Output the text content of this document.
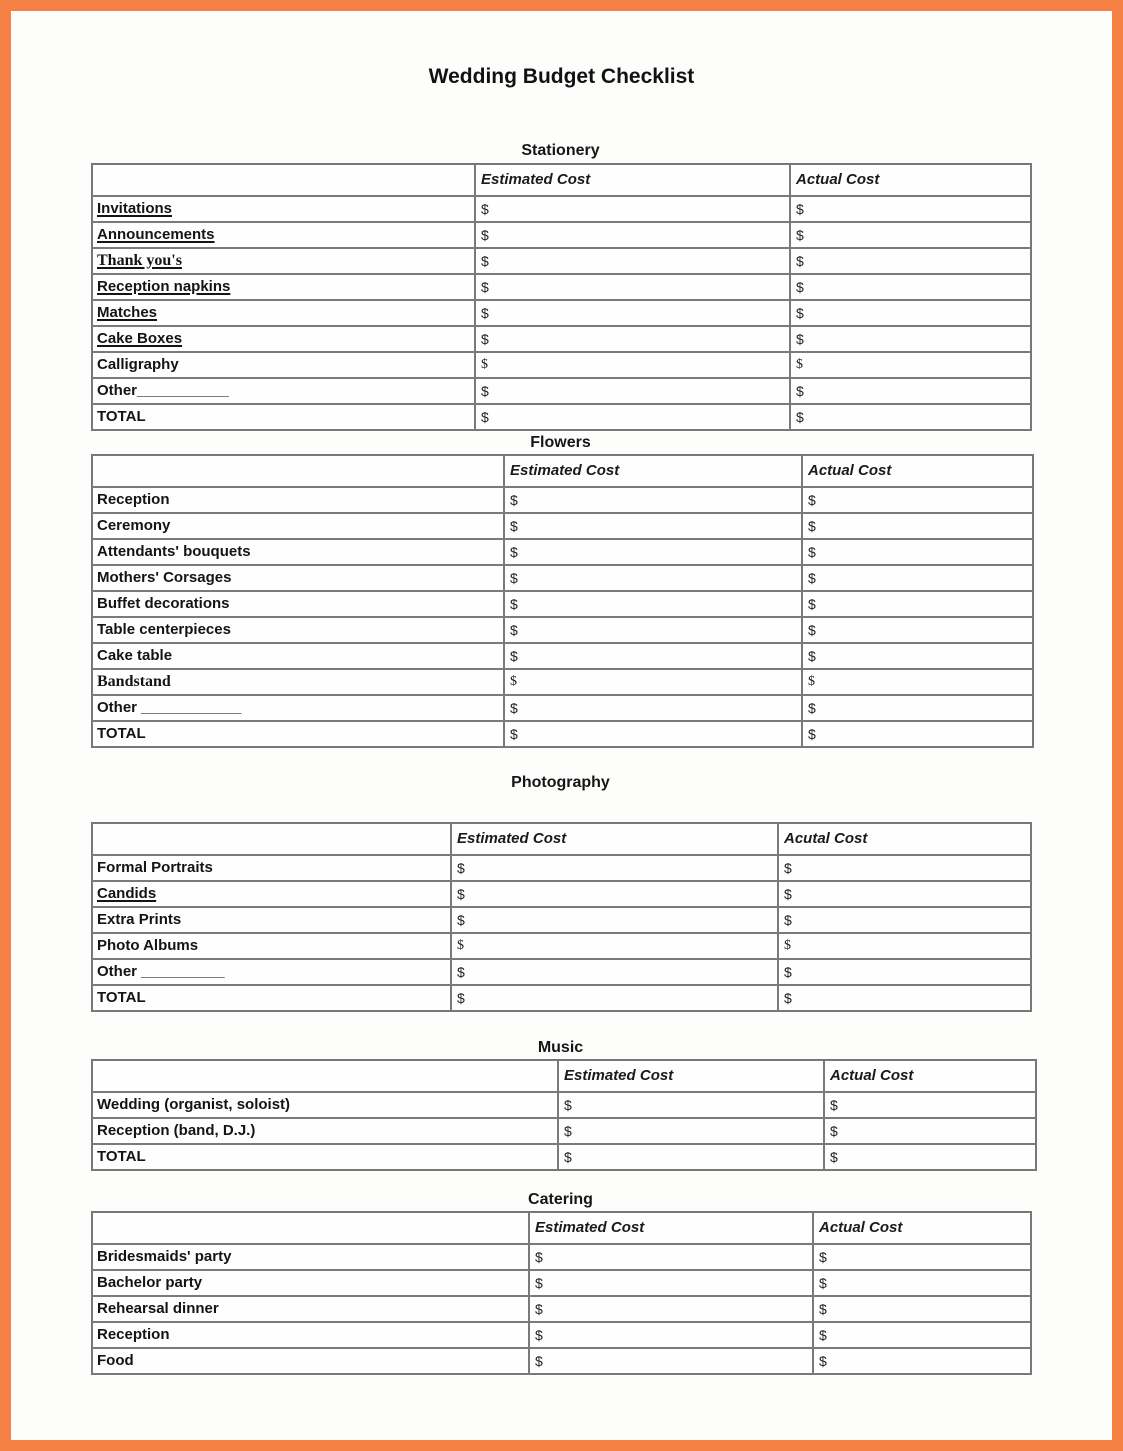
Wedding Budget Checklist
Stationery
	Estimated Cost	Actual Cost
Invitations	$	$
Announcements	$	$
Thank you's	$	$
Reception napkins	$	$
Matches	$	$
Cake Boxes	$	$
Calligraphy	$	$
Other___________	$	$
TOTAL	$	$
Flowers
	Estimated Cost	Actual Cost
Reception	$	$
Ceremony	$	$
Attendants' bouquets	$	$
Mothers' Corsages	$	$
Buffet decorations	$	$
Table centerpieces	$	$
Cake table	$	$
Bandstand	$	$
Other ____________	$	$
TOTAL	$	$
Photography
	Estimated Cost	Acutal Cost
Formal Portraits	$	$
Candids	$	$
Extra Prints	$	$
Photo Albums	$	$
Other __________	$	$
TOTAL	$	$
Music
	Estimated Cost	Actual Cost
Wedding (organist, soloist)	$	$
Reception (band, D.J.)	$	$
TOTAL	$	$
Catering
	Estimated Cost	Actual Cost
Bridesmaids' party	$	$
Bachelor party	$	$
Rehearsal dinner	$	$
Reception	$	$
Food	$	$
